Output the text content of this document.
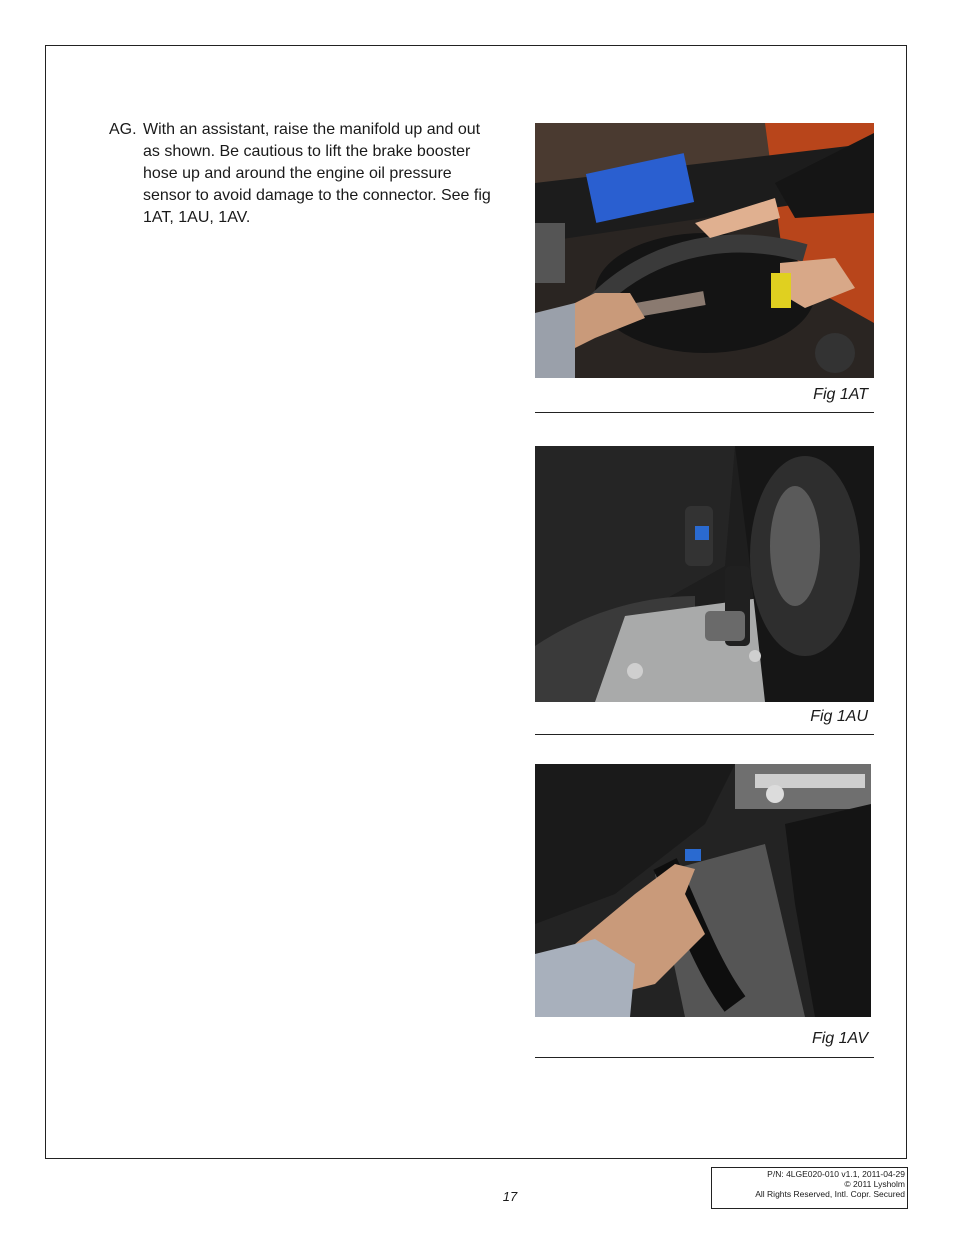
AG. With an assistant, raise the manifold up and out as shown. Be cautious to lift the brake booster hose up and around the engine oil pressure sensor to avoid damage to the connector. See fig 1AT, 1AU, 1AV.
Fig 1AT
Fig 1AU
Fig 1AV
17
P/N: 4LGE020-010 v1.1, 2011-04-29
© 2011 Lysholm
All Rights Reserved, Intl. Copr. Secured
